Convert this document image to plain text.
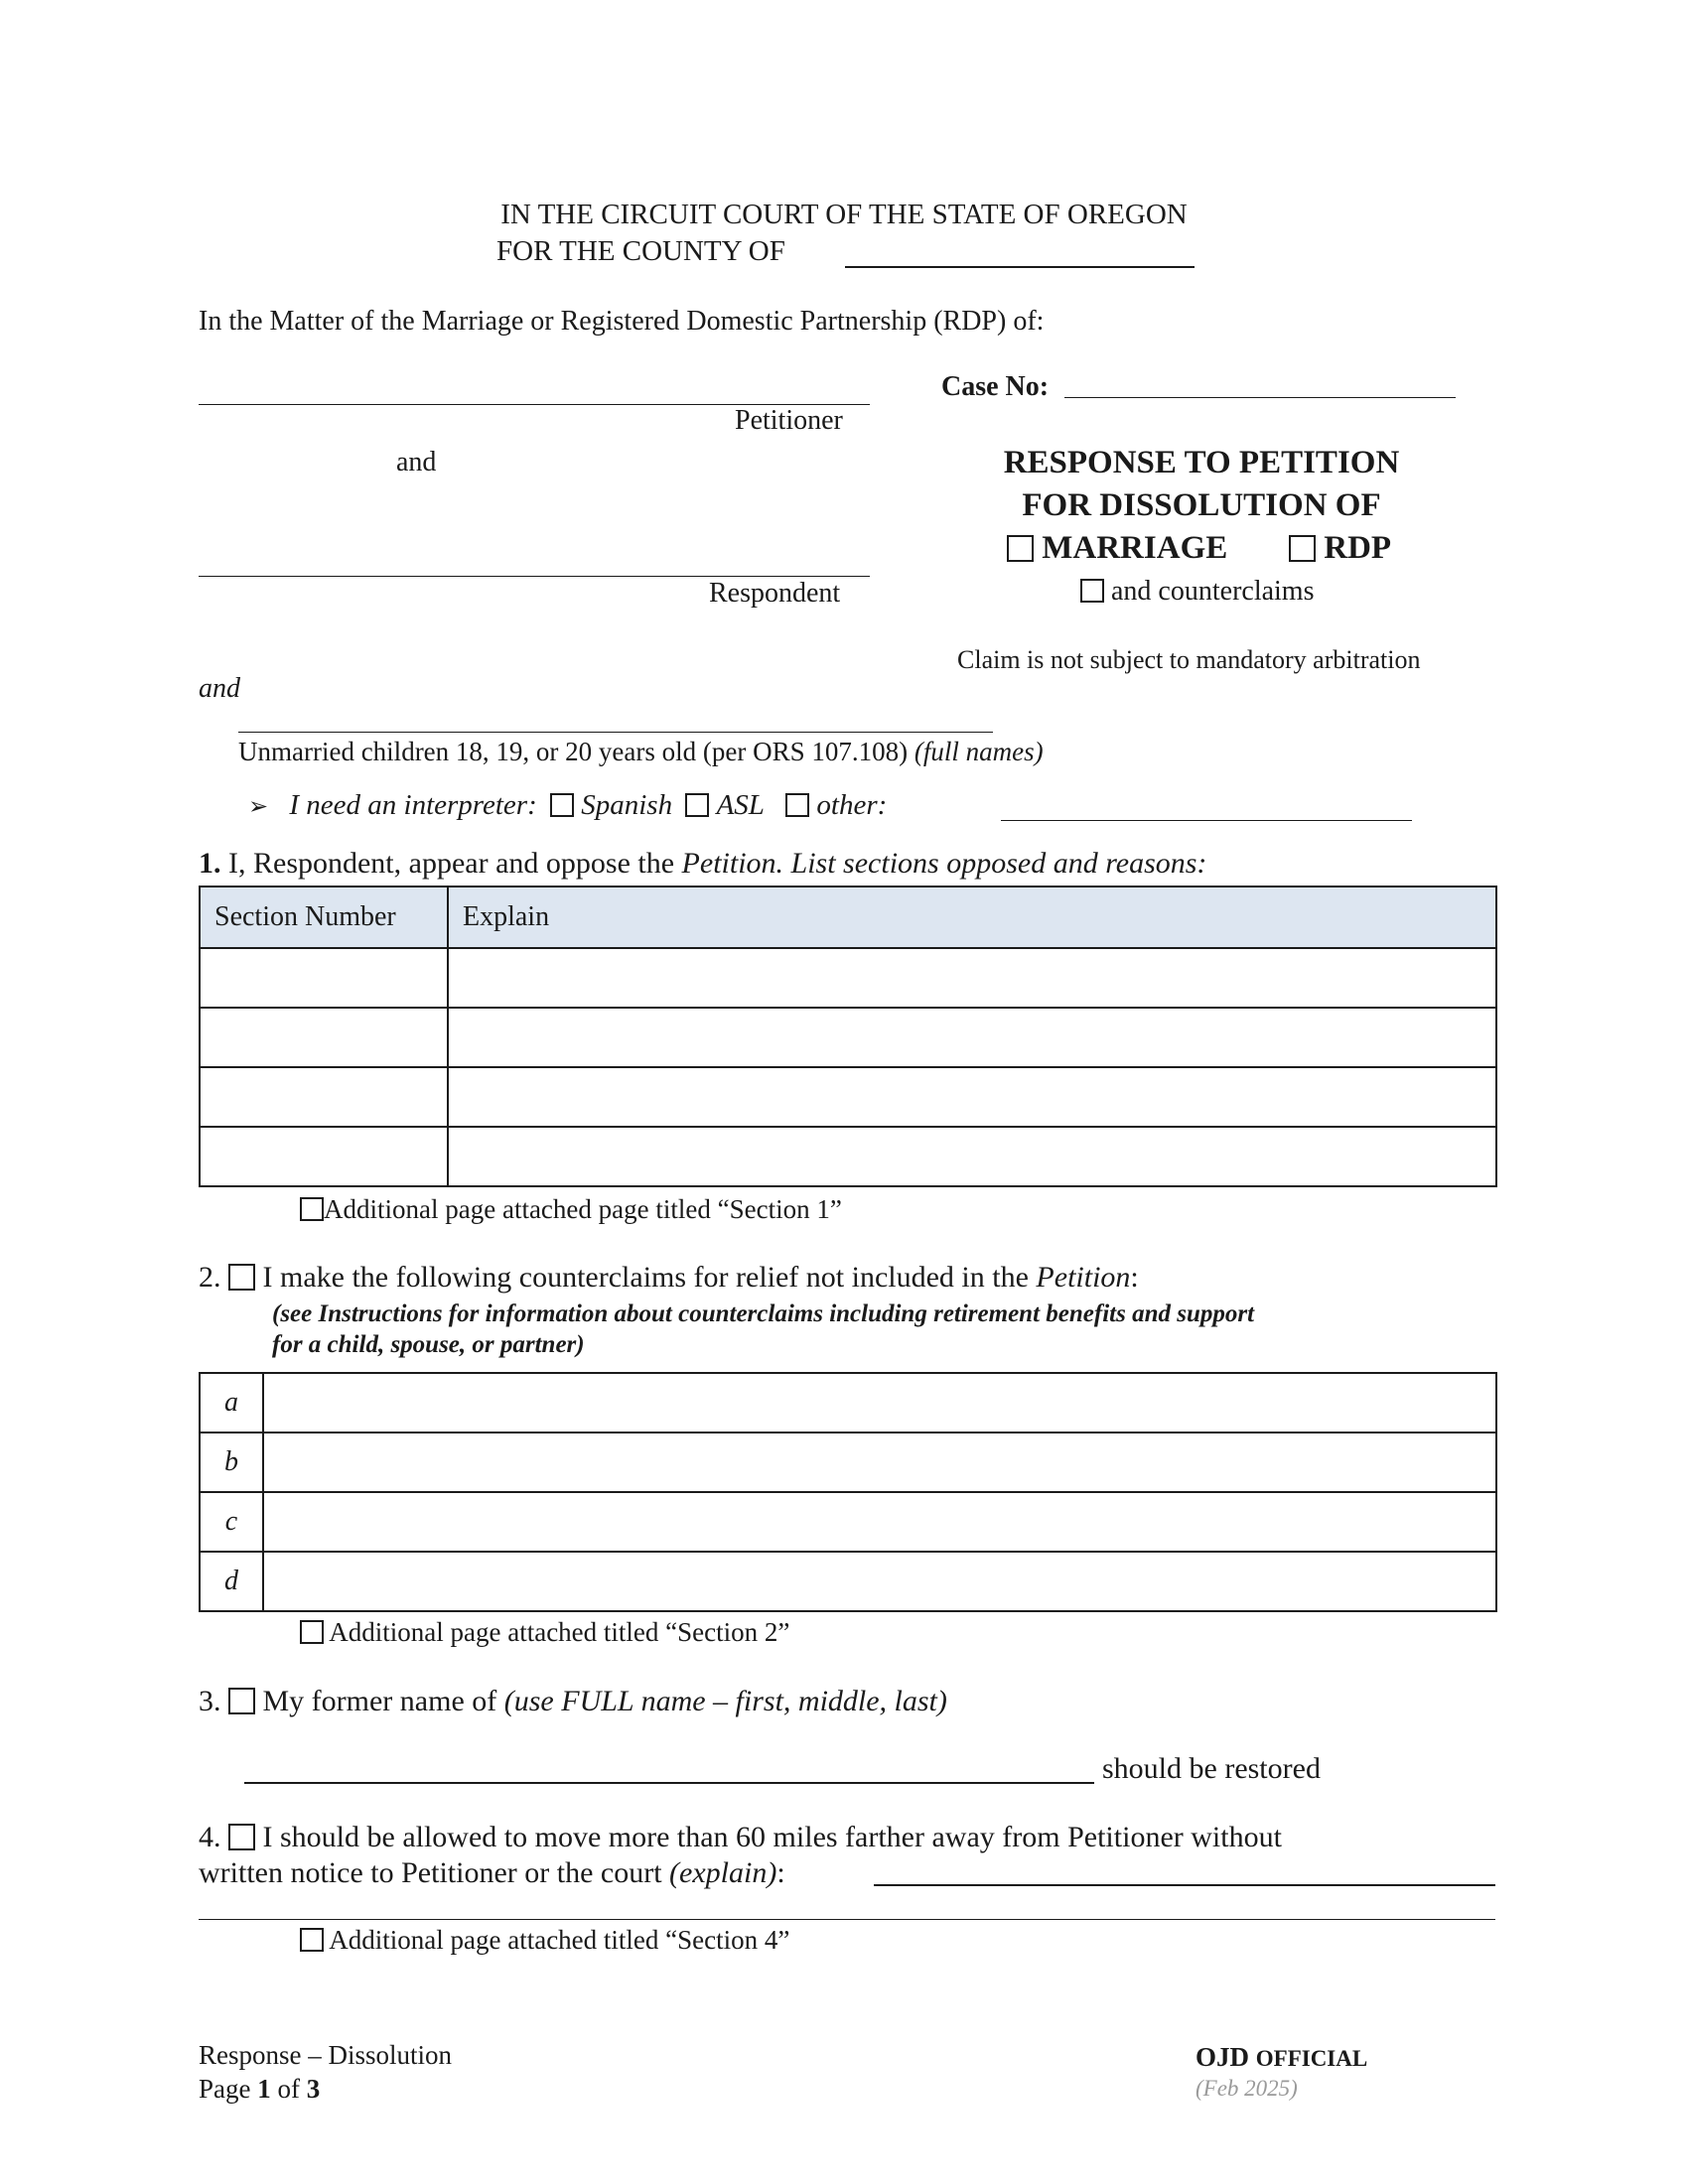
IN THE CIRCUIT COURT OF THE STATE OF OREGON
FOR THE COUNTY OF
In the Matter of the Marriage or Registered Domestic Partnership (RDP) of:
Petitioner
and
Respondent
and
Case No:
RESPONSE TO PETITION
FOR DISSOLUTION OF
MARRIAGE	RDP
and counterclaims
Claim is not subject to mandatory arbitration
Unmarried children 18, 19, or 20 years old (per ORS 107.108) (full names)
➢ I need an interpreter: Spanish ASL other:
1. I, Respondent, appear and oppose the Petition. List sections opposed and reasons:
Section Number	Explain

Additional page attached page titled “Section 1”
2. I make the following counterclaims for relief not included in the Petition:
(see Instructions for information about counterclaims including retirement benefits and support
for a child, spouse, or partner)
a	
b	
c	
d	
Additional page attached titled “Section 2”
3. My former name of (use FULL name – first, middle, last)
should be restored
4. I should be allowed to move more than 60 miles farther away from Petitioner without
written notice to Petitioner or the court (explain):
Additional page attached titled “Section 4”
Response – Dissolution
Page 1 of 3
OJD OFFICIAL
(Feb 2025)
